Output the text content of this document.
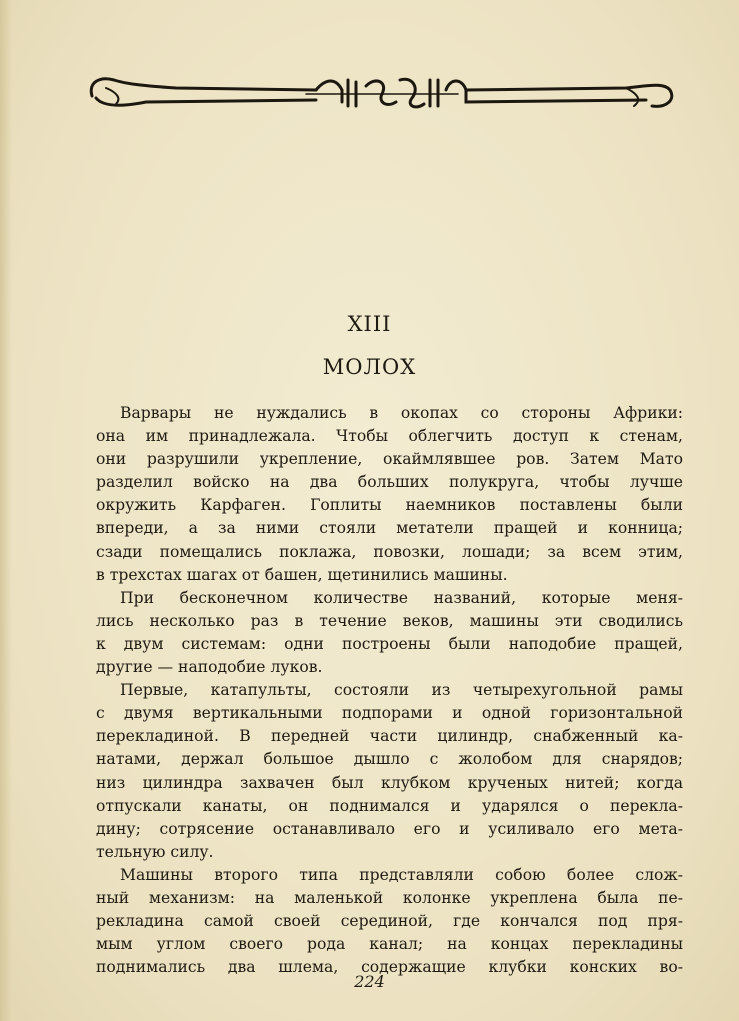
XIII
МОЛОХ
Варвары не нуждались в окопах со стороны Африки:
она им принадлежала. Чтобы облегчить доступ к стенам,
они разрушили укрепление, окаймлявшее ров. Затем Мато
разделил войско на два больших полукруга, чтобы лучше
окружить Карфаген. Гоплиты наемников поставлены были
впереди, а за ними стояли метатели пращей и конница;
сзади помещались поклажа, повозки, лошади; за всем этим,
в трехстах шагах от башен, щетинились машины.
При бесконечном количестве названий, которые меня-
лись несколько раз в течение веков, машины эти сводились
к двум системам: одни построены были наподобие пращей,
другие — наподобие луков.
Первые, катапульты, состояли из четырехугольной рамы
с двумя вертикальными подпорами и одной горизонтальной
перекладиной. В передней части цилиндр, снабженный ка-
натами, держал большое дышло с жолобом для снарядов;
низ цилиндра захвачен был клубком крученых нитей; когда
отпускали канаты, он поднимался и ударялся о перекла-
дину; сотрясение останавливало его и усиливало его мета-
тельную силу.
Машины второго типа представляли собою более слож-
ный механизм: на маленькой колонке укреплена была пе-
рекладина самой своей серединой, где кончался под пря-
мым углом своего рода канал; на концах перекладины
поднимались два шлема, содержащие клубки конских во-
224
